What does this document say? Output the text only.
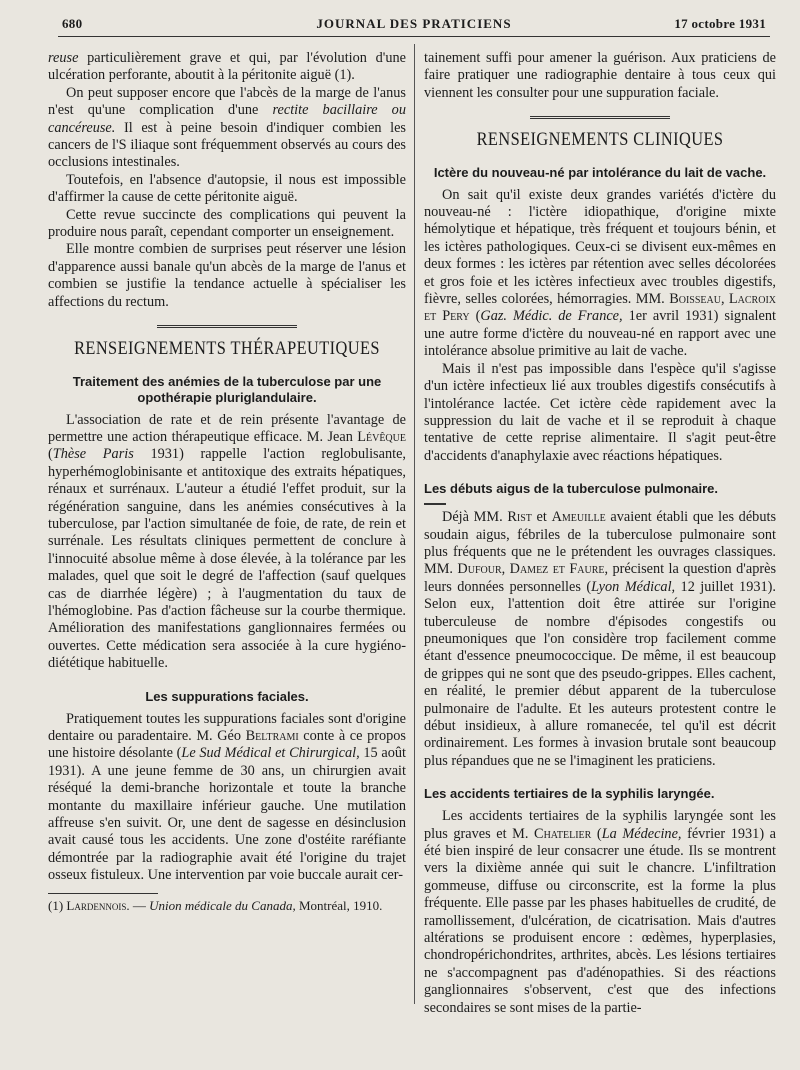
680	JOURNAL DES PRATICIENS	17 octobre 1931

reuse particulièrement grave et qui, par l'évolution d'une ulcération perforante, aboutit à la péritonite aiguë (1).

On peut supposer encore que l'abcès de la marge de l'anus n'est qu'une complication d'une rectite bacillaire ou cancéreuse. Il est à peine besoin d'indiquer combien les cancers de l'S iliaque sont fréquemment observés au cours des occlusions intestinales.

Toutefois, en l'absence d'autopsie, il nous est impossible d'affirmer la cause de cette péritonite aiguë.

Cette revue succincte des complications qui peuvent la produire nous paraît, cependant comporter un enseignement.

Elle montre combien de surprises peut réserver une lésion d'apparence aussi banale qu'un abcès de la marge de l'anus et combien se justifie la tendance actuelle à spécialiser les affections du rectum.

RENSEIGNEMENTS THÉRAPEUTIQUES
Traitement des anémies de la tuberculose par une opothérapie pluriglandulaire.

L'association de rate et de rein présente l'avantage de permettre une action thérapeutique efficace. M. Jean Lévêque (Thèse Paris 1931) rappelle l'action reglobulisante, hyperhémoglobinisante et antitoxique des extraits hépatiques, rénaux et surrénaux. L'auteur a étudié l'effet produit, sur la régénération sanguine, dans les anémies consécutives à la tuberculose, par l'action simultanée de foie, de rate, de rein et surrénale. Les résultats cliniques permettent de conclure à l'innocuité absolue même à dose élevée, à la tolérance par les malades, quel que soit le degré de l'affection (sauf quelques cas de diarrhée légère) ; à l'augmentation du taux de l'hémoglobine. Pas d'action fâcheuse sur la courbe thermique. Amélioration des manifestations ganglionnaires fermées ou ouvertes. Cette médication sera associée à la cure hygiéno-diététique habituelle.

Les suppurations faciales.

Pratiquement toutes les suppurations faciales sont d'origine dentaire ou paradentaire. M. Géo Beltrami conte à ce propos une histoire désolante (Le Sud Médical et Chirurgical, 15 août 1931). A une jeune femme de 30 ans, un chirurgien avait réséqué la demi-branche horizontale et toute la branche montante du maxillaire inférieur gauche. Une mutilation affreuse s'en suivit. Or, une dent de sagesse en désinclusion avait causé tous les accidents. Une zone d'ostéite raréfiante démontrée par la radiographie avait été l'origine du trajet osseux fistuleux. Une intervention par voie buccale aurait cer-

(1) Lardennois. — Union médicale du Canada, Montréal, 1910.

tainement suffi pour amener la guérison. Aux praticiens de faire pratiquer une radiographie dentaire à tous ceux qui viennent les consulter pour une suppuration faciale.

RENSEIGNEMENTS CLINIQUES
Ictère du nouveau-né par intolérance du lait de vache.

On sait qu'il existe deux grandes variétés d'ictère du nouveau-né : l'ictère idiopathique, d'origine mixte hémolytique et hépatique, très fréquent et toujours bénin, et les ictères pathologiques. Ceux-ci se divisent eux-mêmes en deux formes : les ictères par rétention avec selles décolorées et gros foie et les ictères infectieux avec troubles digestifs, fièvre, selles colorées, hémorragies. MM. Boisseau, Lacroix et Pery (Gaz. Médic. de France, 1er avril 1931) signalent une autre forme d'ictère du nouveau-né en rapport avec une intolérance absolue primitive au lait de vache.

Mais il n'est pas impossible dans l'espèce qu'il s'agisse d'un ictère infectieux lié aux troubles digestifs consécutifs à l'intolérance lactée. Cet ictère cède rapidement avec la suppression du lait de vache et il se reproduit à chaque tentative de cette reprise alimentaire. Il s'agit peut-être d'accidents d'anaphylaxie avec réactions hépatiques.

Les débuts aigus de la tuberculose pulmonaire.

Déjà MM. Rist et Ameuille avaient établi que les débuts soudain aigus, fébriles de la tuberculose pulmonaire sont plus fréquents que ne le prétendent les ouvrages classiques. MM. Dufour, Damez et Faure, précisent la question d'après leurs données personnelles (Lyon Médical, 12 juillet 1931). Selon eux, l'attention doit être attirée sur l'origine tuberculeuse de nombre d'épisodes congestifs ou pneumoniques que l'on considère trop facilement comme étant d'essence pneumococcique. De même, il est beaucoup de grippes qui ne sont que des pseudo-grippes. Elles cachent, en réalité, le premier début apparent de la tuberculose pulmonaire de l'adulte. Et les auteurs protestent contre le début insidieux, à allure romanecée, tel qu'il est décrit ordinairement. Les formes à invasion brutale sont beaucoup plus répandues que ne se l'imaginent les praticiens.

Les accidents tertiaires de la syphilis laryngée.

Les accidents tertiaires de la syphilis laryngée sont les plus graves et M. Chatelier (La Médecine, février 1931) a été bien inspiré de leur consacrer une étude. Ils se montrent vers la dixième année qui suit le chancre. L'infiltration gommeuse, diffuse ou circonscrite, est la forme la plus fréquente. Elle passe par les phases habituelles de crudité, de ramollissement, d'ulcération, de cicatrisation. Mais d'autres altérations se produisent encore : œdèmes, hyperplasies, chondropérichondrites, arthrites, abcès. Les lésions tertiaires ne s'accompagnent pas d'adénopathies. Si des réactions ganglionnaires s'observent, c'est que des infections secondaires se sont mises de la partie-
